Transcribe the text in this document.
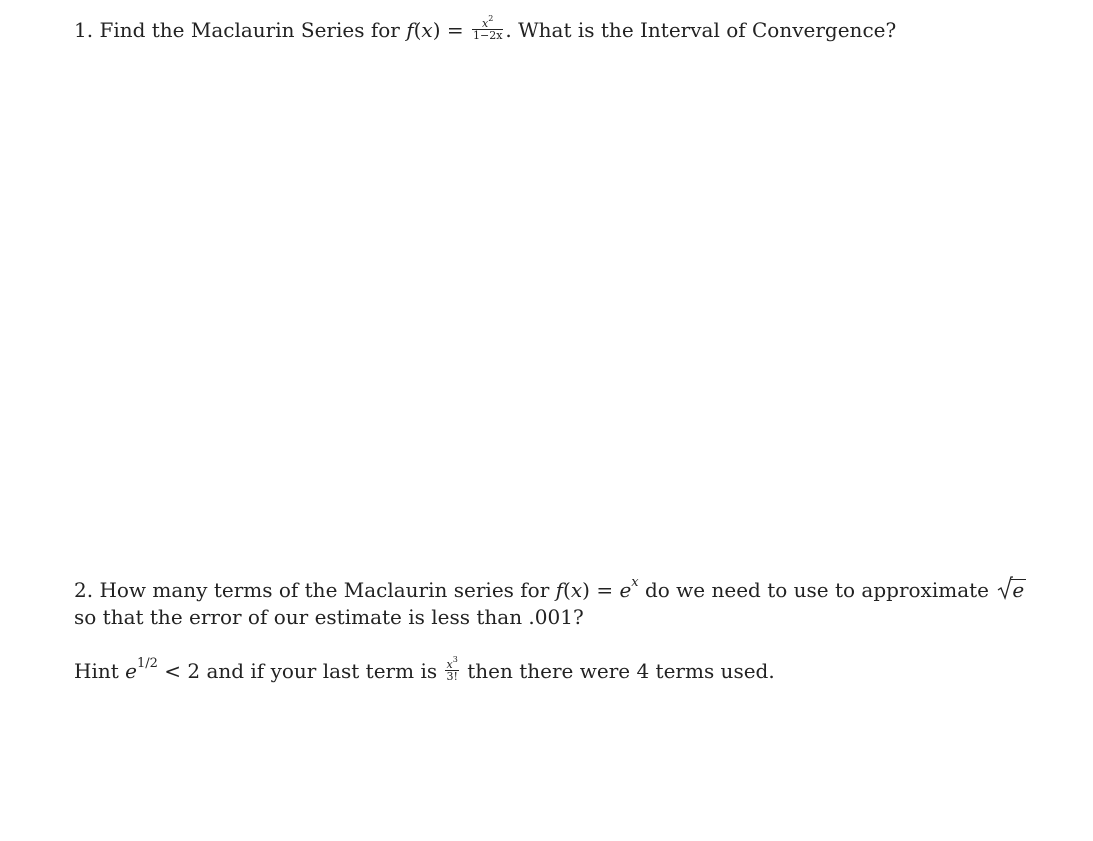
1. Find the Maclaurin Series for $f(x) = \frac{x^2}{1-2x}$ . What is the Interval of Convergence?
2. How many terms of the Maclaurin series for $f(x) = e^x$ do we need to use to approximate e
so that the error of our estimate is less than .001?
Hint $e^{1/2} < 2$ and if your last term is $\frac{x^3}{3!}$ then there were 4 terms used.
